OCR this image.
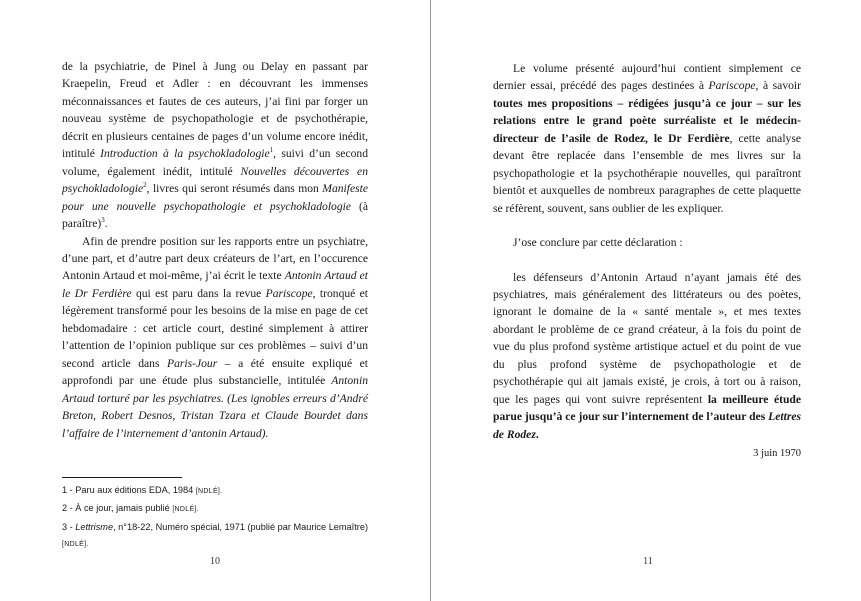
de la psychiatrie, de Pinel à Jung ou Delay en passant par Kraepelin, Freud et Adler : en découvrant les immenses méconnaissances et fautes de ces auteurs, j’ai fini par forger un nouveau système de psychopathologie et de psychothérapie, décrit en plusieurs centaines de pages d’un volume encore inédit, intitulé Introduction à la psychokladologie$^1$, suivi d’un second volume, également inédit, intitulé Nouvelles découvertes en psychokladologie$^2$, livres qui seront résumés dans mon Manifeste pour une nouvelle psychopathologie et psychokladologie (à paraître)$^3$.

Afin de prendre position sur les rapports entre un psychiatre, d’une part, et d’autre part deux créateurs de l’art, en l’occurence Antonin Artaud et moi-même, j’ai écrit le texte Antonin Artaud et le Dr Ferdière qui est paru dans la revue Pariscope, tronqué et légèrement transformé pour les besoins de la mise en page de cet hebdomadaire : cet article court, destiné simplement à attirer l’attention de l’opinion publique sur ces problèmes – suivi d’un second article dans Paris-Jour – a été ensuite expliqué et approfondi par une étude plus substancielle, intitulée Antonin Artaud torturé par les psychiatres. (Les ignobles erreurs d’André Breton, Robert Desnos, Tristan Tzara et Claude Bourdet dans l’affaire de l’internement d’antonin Artaud).

1 - Paru aux éditions EDA, 1984 [NDLÉ].
2 - À ce jour, jamais publié [NDLÉ].
3 - Lettrisme, n°18-22, Numéro spécial, 1971 (publié par Maurice Lemaître) [NDLÉ].
10

Le volume présenté aujourd’hui contient simplement ce dernier essai, précédé des pages destinées à Pariscope, à savoir toutes mes propositions – rédigées jusqu’à ce jour – sur les relations entre le grand poète surréaliste et le médecin-directeur de l’asile de Rodez, le Dr Ferdière, cette analyse devant être replacée dans l’ensemble de mes livres sur la psychopathologie et la psychothérapie nouvelles, qui paraîtront bientôt et auxquelles de nombreux paragraphes de cette plaquette se réfèrent, souvent, sans oublier de les expliquer.

J’ose conclure par cette déclaration :

les défenseurs d’Antonin Artaud n’ayant jamais été des psychiatres, mais généralement des littérateurs ou des poètes, ignorant le domaine de la « santé mentale », et mes textes abordant le problème de ce grand créateur, à la fois du point de vue du plus profond système artistique actuel et du point de vue du plus profond système de psychopathologie et de psychothérapie qui ait jamais existé, je crois, à tort ou à raison, que les pages qui vont suivre représentent la meilleure étude parue jusqu’à ce jour sur l’internement de l’auteur des Lettres de Rodez.

3 juin 1970

11
